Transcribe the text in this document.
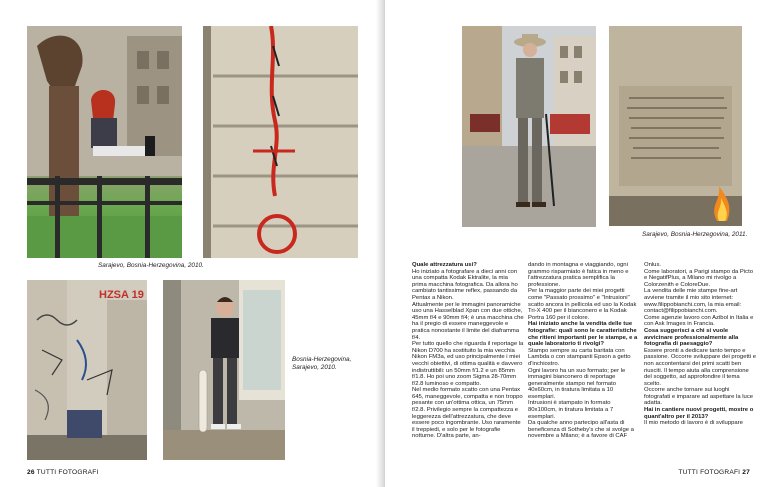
Sarajevo, Bosnia-Herzegovina, 2010.
HZSA 19
Bosnia-Herzegovina, Sarajevo, 2010.
26 TUTTI FOTOGRAFI
Sarajevo, Bosnia-Herzegovina, 2011.

Quale attrezzatura usi?

Ho iniziato a fotografare a dieci anni con una compatta Kodak Ektralite, la mia prima macchina fotografica. Da allora ho cambiato tantissime reflex, passando da Pentax a Nikon.

Attualmente per le immagini panoramiche uso una Hasselblad Xpan con due ottiche, 45mm f/4 e 90mm f/4; è una macchina che ha il pregio di essere maneggevole e pratica nonostante il limite del diaframma f/4.

Per tutto quello che riguarda il reportage la Nikon D700 ha sostituito la mia vecchia Nikon FM3a, ed uso principalmente i miei vecchi obiettivi, di ottima qualità e davvero indistruttibili: un 50mm f/1.2 e un 85mm f/1.8. Ho poi uno zoom Sigma 28-70mm f/2.8 luminoso e compatto.

Nel medio formato scatto con una Pentax 645, maneggevole, compatta e non troppo pesante con un'ottima ottica, un 75mm f/2.8. Privilegio sempre la compattezza e leggerezza dell'attrezzatura, che deve essere poco ingombrante. Uso raramente il treppiedi, e solo per le fotografie notturne. D'altra parte, an-

dando in montagna e viaggiando, ogni grammo risparmiato è fatica in meno e l'attrezzatura pratica semplifica la professione.

Per la maggior parte dei miei progetti come "Passato prossimo" e "Intrusioni" scatto ancora in pellicola ed uso la Kodak Tri-X 400 per il bianconero e la Kodak Portra 160 per il colore.

Hai iniziato anche la vendita delle tue fotografie: quali sono le caratteristiche che ritieni importanti per le stampe, e a quale laboratorio ti rivolgi?

Stampo sempre su carta baritata con Lambda o con stampanti Epson a getto d'inchiostro.

Ogni lavoro ha un suo formato; per le immagini bianconero di reportage generalmente stampo nel formato 40x60cm, in tiratura limitata a 10 esemplari.

Intrusioni è stampato in formato 80x100cm, in tiratura limitata a 7 esemplari.

Da qualche anno partecipo all'asta di beneficenza di Sotheby's che si svolge a novembre a Milano; è a favore di CAF

Onlus.

Come laboratori, a Parigi stampo da Picto e NegatifPlus, a Milano mi rivolgo a Colorzenith e ColoreDue.

La vendita delle mie stampe fine-art avviene tramite il mio sito internet: www.filippobianchi.com, la mia email: contact@filippobianchi.com.

Come agenzie lavoro con Azibol in Italia e con Ask Images in Francia.

Cosa suggerisci a chi si vuole avvicinare professionalmente alla fotografia di paesaggio?

Essere pronti a dedicare tanto tempo e passione. Occorre sviluppare dei progetti e non accontentarsi dei primi scatti ben riusciti. Il tempo aiuta alla comprensione del soggetto, ad approfondire il tema scelto.

Occorre anche tornare sui luoghi fotografati e imparare ad aspettare la luce adatta.

Hai in cantiere nuovi progetti, mostre o quant'altro per il 2013?

Il mio metodo di lavoro è di sviluppare

TUTTI FOTOGRAFI 27
